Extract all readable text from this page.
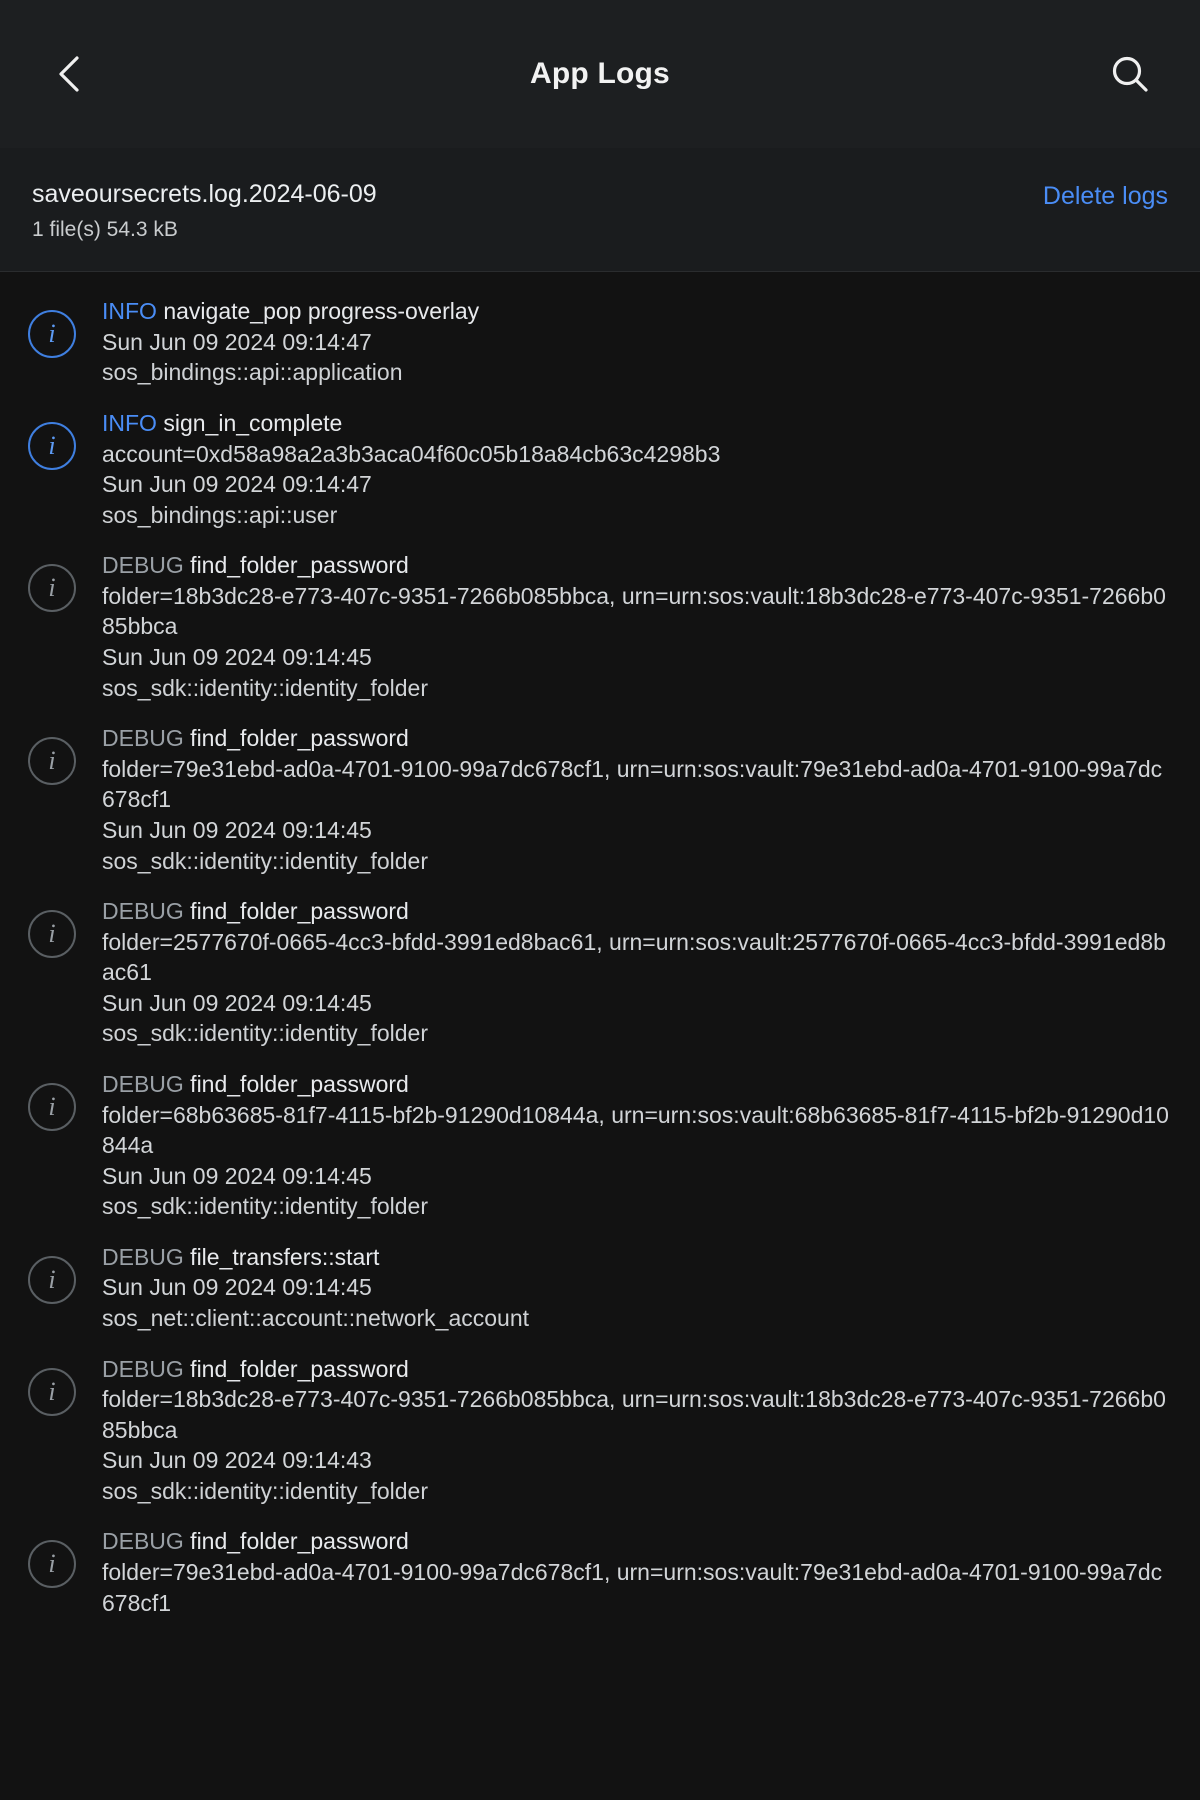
App Logs
saveoursecrets.log.2024-06-09
1 file(s) 54.3 kB
Delete logs
i
INFO navigate_pop progress-overlay
Sun Jun 09 2024 09:14:47
sos_bindings::api::application
i
INFO sign_in_complete
account=0xd58a98a2a3b3aca04f60c05b18a84cb63c4298b3
Sun Jun 09 2024 09:14:47
sos_bindings::api::user
i
DEBUG find_folder_password
folder=18b3dc28-e773-407c-9351-7266b085bbca, urn=urn:sos:vault:18b3dc28-e773-407c-9351-7266b085bbca
Sun Jun 09 2024 09:14:45
sos_sdk::identity::identity_folder
i
DEBUG find_folder_password
folder=79e31ebd-ad0a-4701-9100-99a7dc678cf1, urn=urn:sos:vault:79e31ebd-ad0a-4701-9100-99a7dc678cf1
Sun Jun 09 2024 09:14:45
sos_sdk::identity::identity_folder
i
DEBUG find_folder_password
folder=2577670f-0665-4cc3-bfdd-3991ed8bac61, urn=urn:sos:vault:2577670f-0665-4cc3-bfdd-3991ed8bac61
Sun Jun 09 2024 09:14:45
sos_sdk::identity::identity_folder
i
DEBUG find_folder_password
folder=68b63685-81f7-4115-bf2b-91290d10844a, urn=urn:sos:vault:68b63685-81f7-4115-bf2b-91290d10844a
Sun Jun 09 2024 09:14:45
sos_sdk::identity::identity_folder
i
DEBUG file_transfers::start
Sun Jun 09 2024 09:14:45
sos_net::client::account::network_account
i
DEBUG find_folder_password
folder=18b3dc28-e773-407c-9351-7266b085bbca, urn=urn:sos:vault:18b3dc28-e773-407c-9351-7266b085bbca
Sun Jun 09 2024 09:14:43
sos_sdk::identity::identity_folder
i
DEBUG find_folder_password
folder=79e31ebd-ad0a-4701-9100-99a7dc678cf1, urn=urn:sos:vault:79e31ebd-ad0a-4701-9100-99a7dc678cf1
